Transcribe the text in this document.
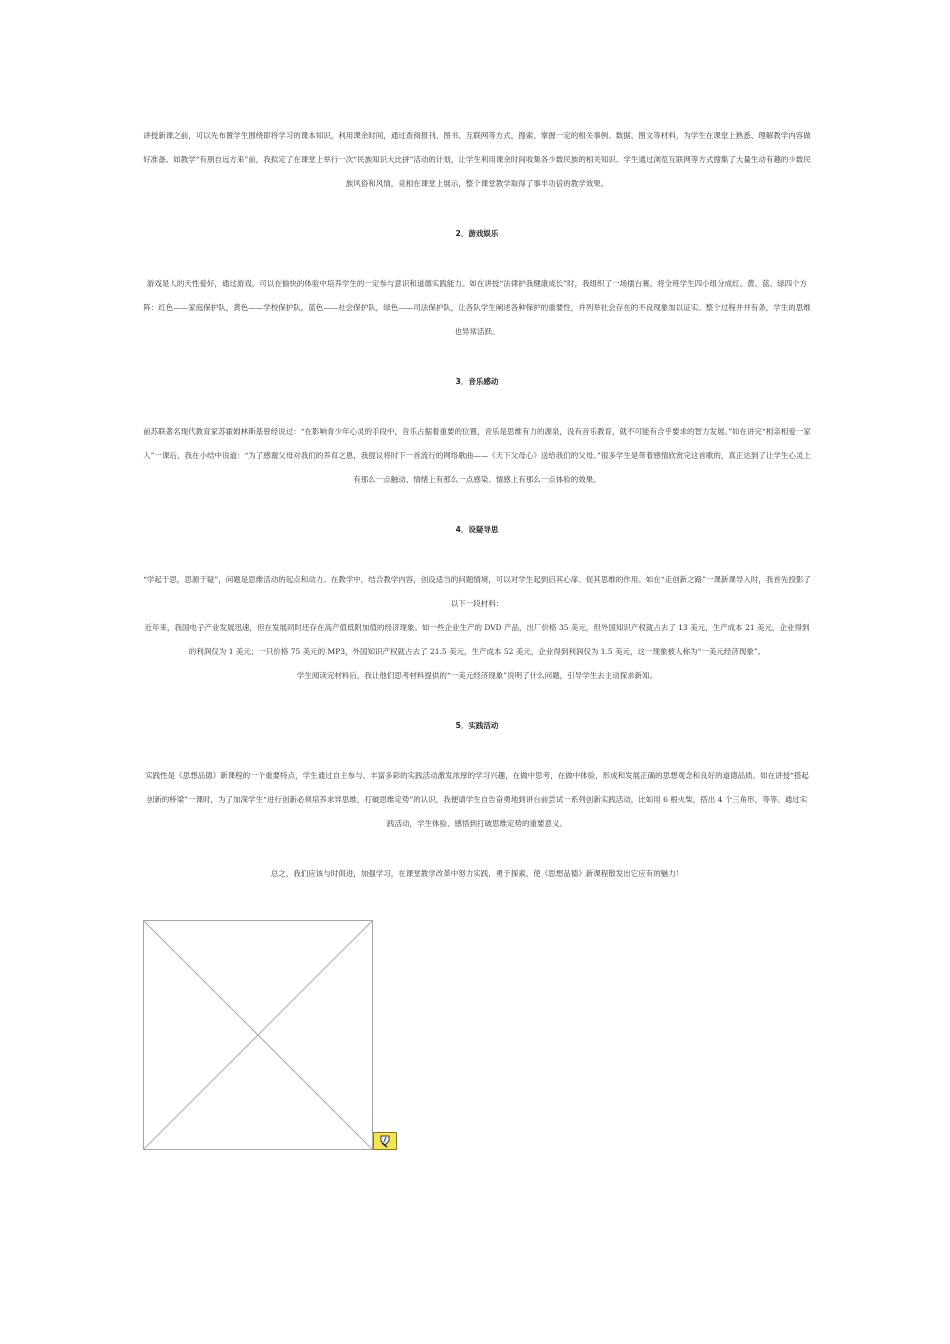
讲授新课之前，可以先布置学生围绕即将学习的课本知识，利用课余时间，通过查阅报刊、图书、互联网等方式，搜索、掌握一定的相关事例、数据、图文等材料，为学生在课堂上熟悉、理解教学内容做好准备。如教学“有朋自远方来”前，我拟定了在课堂上举行一次“民族知识大比拼”活动的计划，让学生利用课余时间收集各少数民族的相关知识。学生通过浏览互联网等方式搜集了大量生动有趣的少数民族风俗和风情，竞相在课堂上展示，整个课堂教学取得了事半功倍的教学效果。

2．游戏娱乐

游戏是人的天性爱好，通过游戏，可以在愉快的体验中培养学生的一定参与意识和道德实践能力。如在讲授“法律护我健康成长”时，我组织了一场擂台赛。将全班学生四小组分成红、黄、蓝、绿四个方阵：红色——家庭保护队，黄色——学校保护队，蓝色——社会保护队，绿色——司法保护队，让各队学生阐述各种保护的重要性，并列举社会存在的不良现象加以证实。整个过程井井有条，学生的思维也异常活跃。

3．音乐感动

前苏联著名现代教育家苏霍姆林斯基曾经说过：“在影响青少年心灵的手段中，音乐占据着重要的位置，音乐是思维有力的源泉，没有音乐教育，就不可能有合乎要求的智力发展。”如在讲完“相亲相爱一家人”一课后，我在小结中说道：“为了感谢父母对我们的养育之恩，我提议将时下一首流行的网络歌曲——《天下父母心》送给我们的父母。”很多学生是带着感情欣赏完这首歌的，真正达到了让学生心灵上有那么一点触动、情绪上有那么一点感染、情感上有那么一点体验的效果。

4．设疑导思

“学起于思，思源于疑”，问题是思维活动的起点和动力。在教学中，结合教学内容，创设适当的问题情境，可以对学生起到启其心扉、促其思维的作用。如在“走创新之路”一课新课导入时，我首先投影了以下一段材料：

近年来，我国电子产业发展迅速，但在发展同时还存在高产值低附加值的经济现象。如一些企业生产的 DVD 产品，出厂价格 35 美元，但外国知识产权就占去了 13 美元，生产成本 21 美元，企业得到的利润仅为 1 美元；一只价格 75 美元的 MP3，外国知识产权就占去了 21.5 美元，生产成本 52 美元，企业得到利润仅为 1.5 美元，这一现象被人称为“一美元经济现象”。

学生阅读完材料后，我让他们思考材料提供的“一美元经济现象”说明了什么问题，引导学生去主动探求新知。

5．实践活动

实践性是《思想品德》新课程的一个重要特点，学生通过自主参与、丰富多彩的实践活动激发浓厚的学习兴趣，在做中思考，在做中体验，形成和发展正确的思想观念和良好的道德品质。如在讲授“搭起创新的桥梁”一课时，为了加深学生“进行创新必须培养求异思维，打破思维定势”的认识，我便请学生自告奋勇地到讲台前尝试一系列创新实践活动，比如用 6 根火柴，搭出 4 个三角形，等等。通过实践活动，学生体验、感悟到打破思维定势的重要意义。

总之，我们应该与时俱进，加强学习，在课堂教学改革中努力实践，勇于探索，使《思想品德》新课程散发出它应有的魅力！
